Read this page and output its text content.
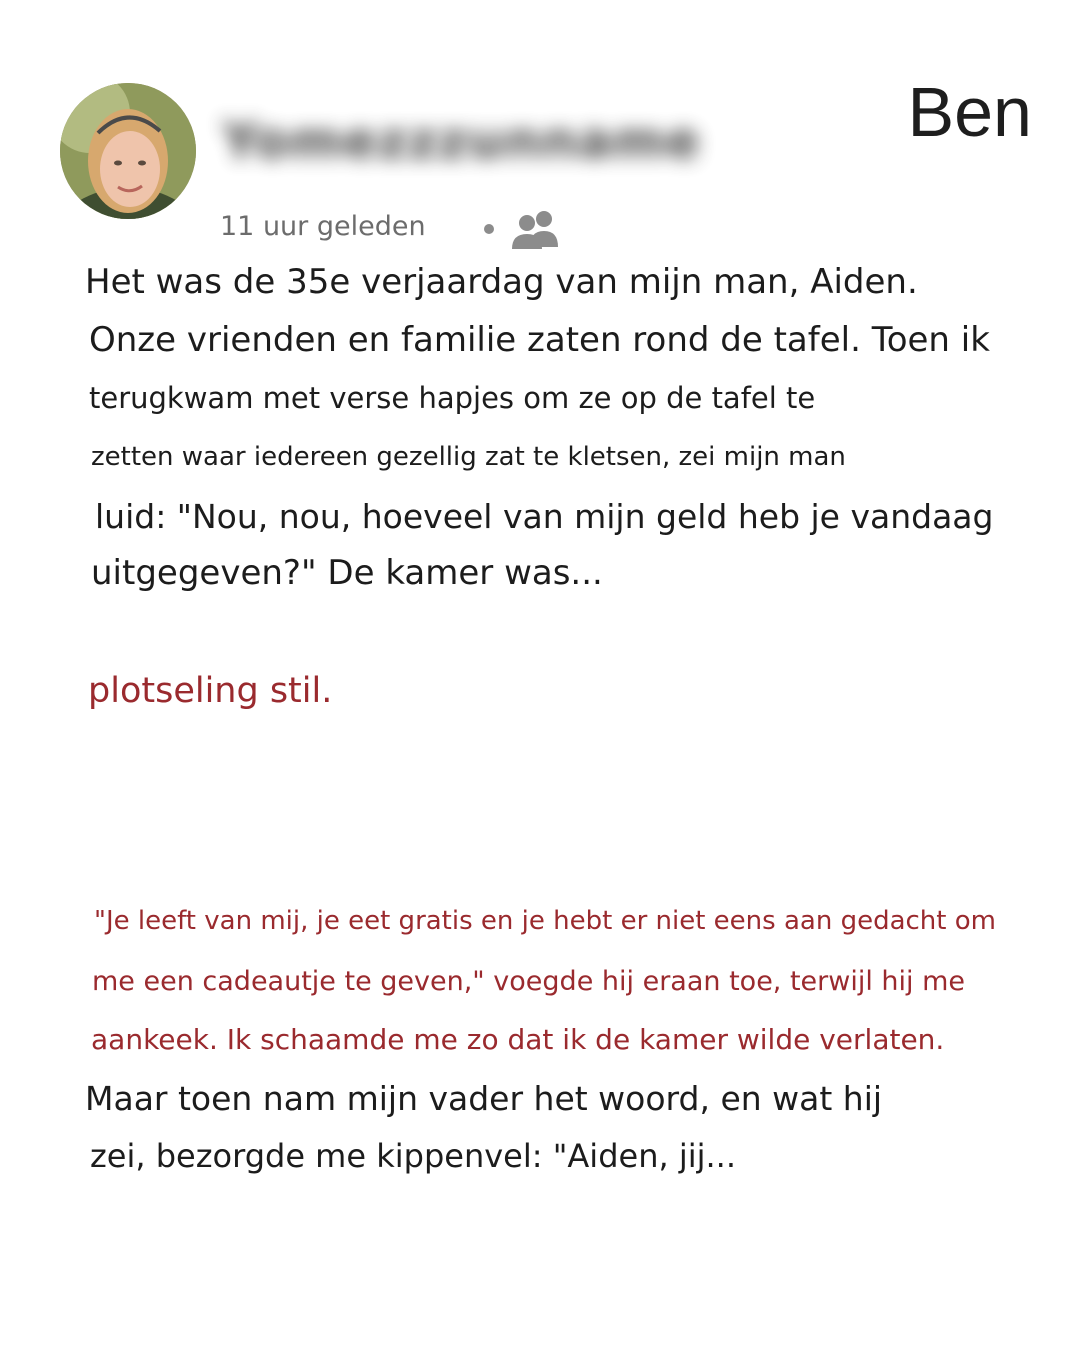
Yomezzzunname	Ben
11 uur geleden
Het was de 35e verjaardag van mijn man, Aiden.
Onze vrienden en familie zaten rond de tafel. Toen ik
terugkwam met verse hapjes om ze op de tafel te
zetten waar iedereen gezellig zat te kletsen, zei mijn man
luid: "Nou, nou, hoeveel van mijn geld heb je vandaag
uitgegeven?" De kamer was...
plotseling stil.
"Je leeft van mij, je eet gratis en je hebt er niet eens aan gedacht om
me een cadeautje te geven," voegde hij eraan toe, terwijl hij me
aankeek. Ik schaamde me zo dat ik de kamer wilde verlaten.
Maar toen nam mijn vader het woord, en wat hij
zei, bezorgde me kippenvel: "Aiden, jij...
